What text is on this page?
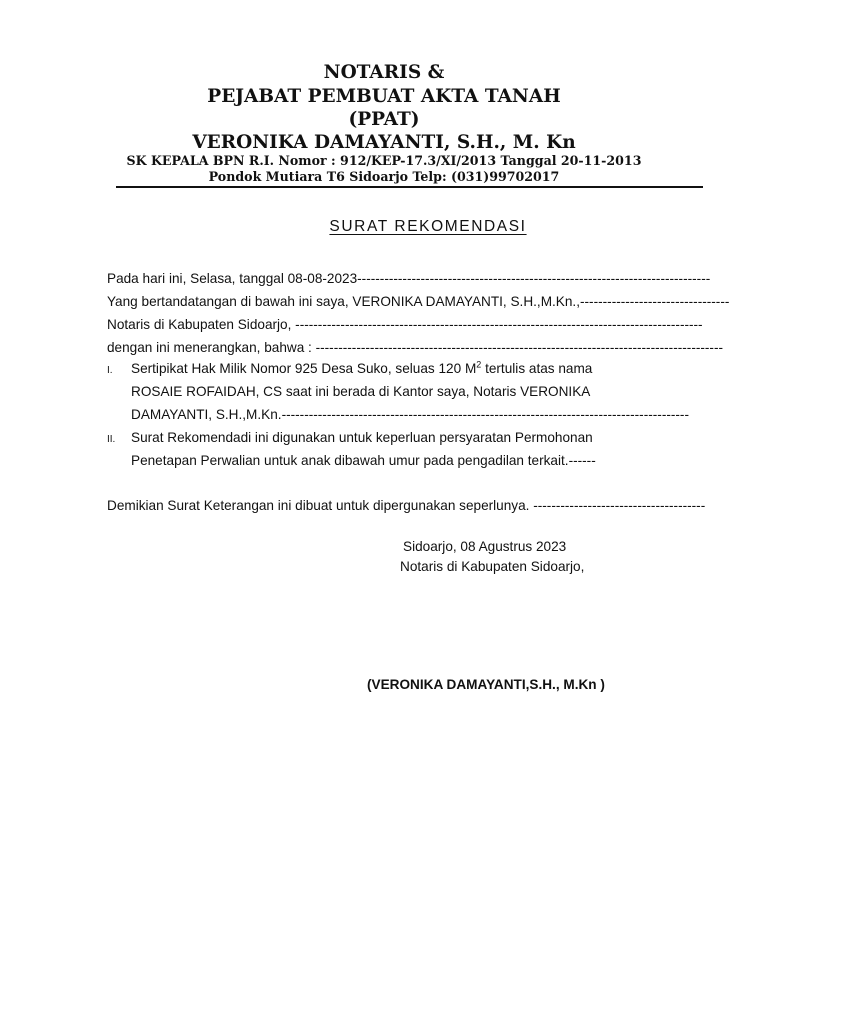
NOTARIS &
PEJABAT PEMBUAT AKTA TANAH
(PPAT)
VERONIKA DAMAYANTI, S.H., M. Kn
SK KEPALA BPN R.I. Nomor : 912/KEP-17.3/XI/2013 Tanggal 20-11-2013
Pondok Mutiara T6 Sidoarjo Telp: (031)99702017
SURAT REKOMENDASI
Pada hari ini, Selasa, tanggal 08-08-2023------------------------------------------------------------------------------
Yang bertandatangan di bawah ini saya, VERONIKA DAMAYANTI, S.H.,M.Kn.,---------------------------------
Notaris di Kabupaten Sidoarjo, ------------------------------------------------------------------------------------------
dengan ini menerangkan, bahwa : ------------------------------------------------------------------------------------------
I. Sertipikat Hak Milik Nomor 925 Desa Suko, seluas 120 $M^2$ tertulis atas nama
ROSAIE ROFAIDAH, CS saat ini berada di Kantor saya, Notaris VERONIKA
DAMAYANTI, S.H.,M.Kn.------------------------------------------------------------------------------------------
II. Surat Rekomendadi ini digunakan untuk keperluan persyaratan Permohonan
Penetapan Perwalian untuk anak dibawah umur pada pengadilan terkait.------
Demikian Surat Keterangan ini dibuat untuk dipergunakan seperlunya. --------------------------------------
Sidoarjo, 08 Agustrus 2023
Notaris di Kabupaten Sidoarjo,
(VERONIKA DAMAYANTI,S.H., M.Kn )
